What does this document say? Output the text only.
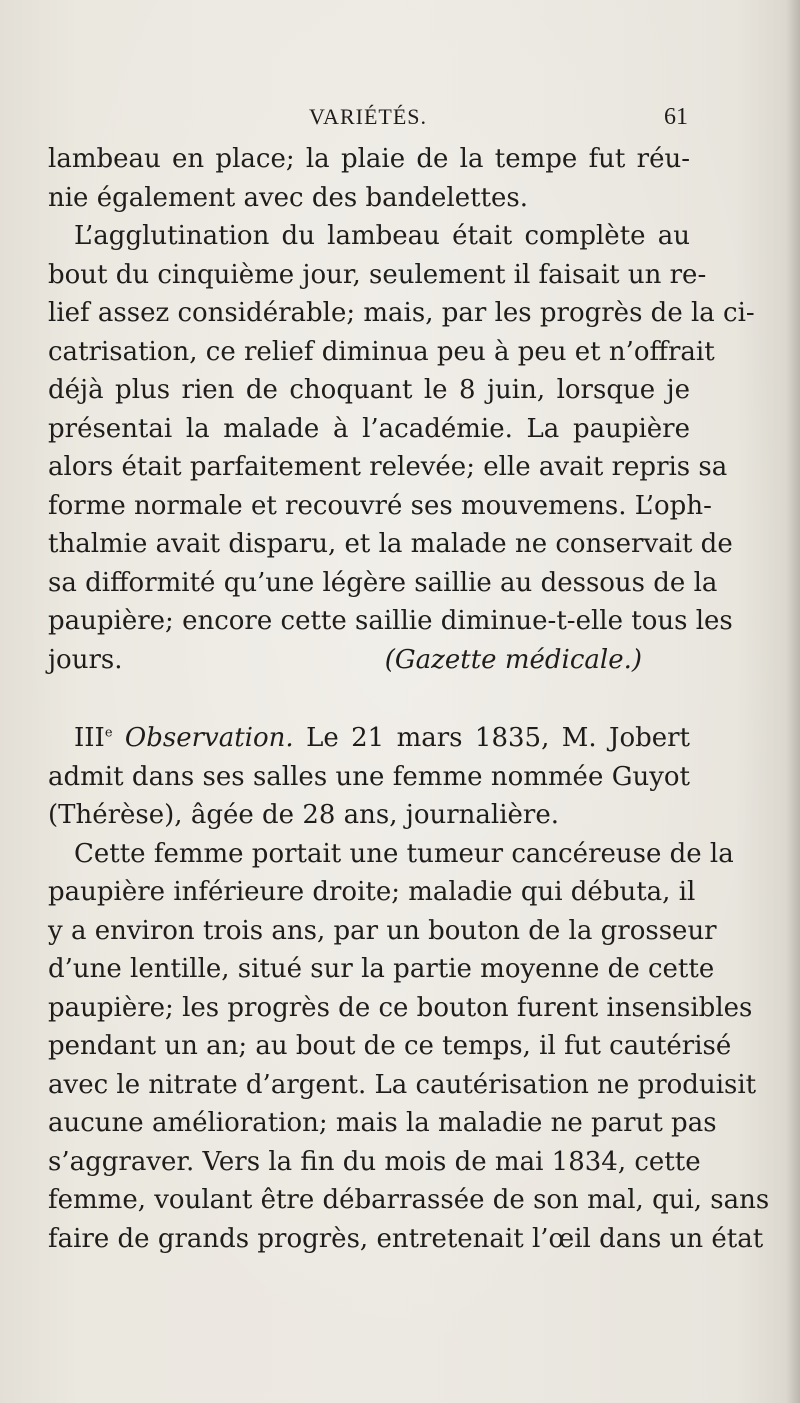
VARIÉTÉS.	61
lambeau en place; la plaie de la tempe fut réu-
nie également avec des bandelettes.
L’agglutination du lambeau était complète au
bout du cinquième jour, seulement il faisait un re-
lief assez considérable; mais, par les progrès de la ci-
catrisation, ce relief diminua peu à peu et n’offrait
déjà plus rien de choquant le 8 juin, lorsque je
présentai la malade à l’académie. La paupière
alors était parfaitement relevée; elle avait repris sa
forme normale et recouvré ses mouvemens. L’oph-
thalmie avait disparu, et la malade ne conservait de
sa difformité qu’une légère saillie au dessous de la
paupière; encore cette saillie diminue-t-elle tous les
jours.	(Gazette médicale.)
IIIe Observation. Le 21 mars 1835, M. Jobert
admit dans ses salles une femme nommée Guyot
(Thérèse), âgée de 28 ans, journalière.
Cette femme portait une tumeur cancéreuse de la
paupière inférieure droite; maladie qui débuta, il
y a environ trois ans, par un bouton de la grosseur
d’une lentille, situé sur la partie moyenne de cette
paupière; les progrès de ce bouton furent insensibles
pendant un an; au bout de ce temps, il fut cautérisé
avec le nitrate d’argent. La cautérisation ne produisit
aucune amélioration; mais la maladie ne parut pas
s’aggraver. Vers la fin du mois de mai 1834, cette
femme, voulant être débarrassée de son mal, qui, sans
faire de grands progrès, entretenait l’œil dans un état
